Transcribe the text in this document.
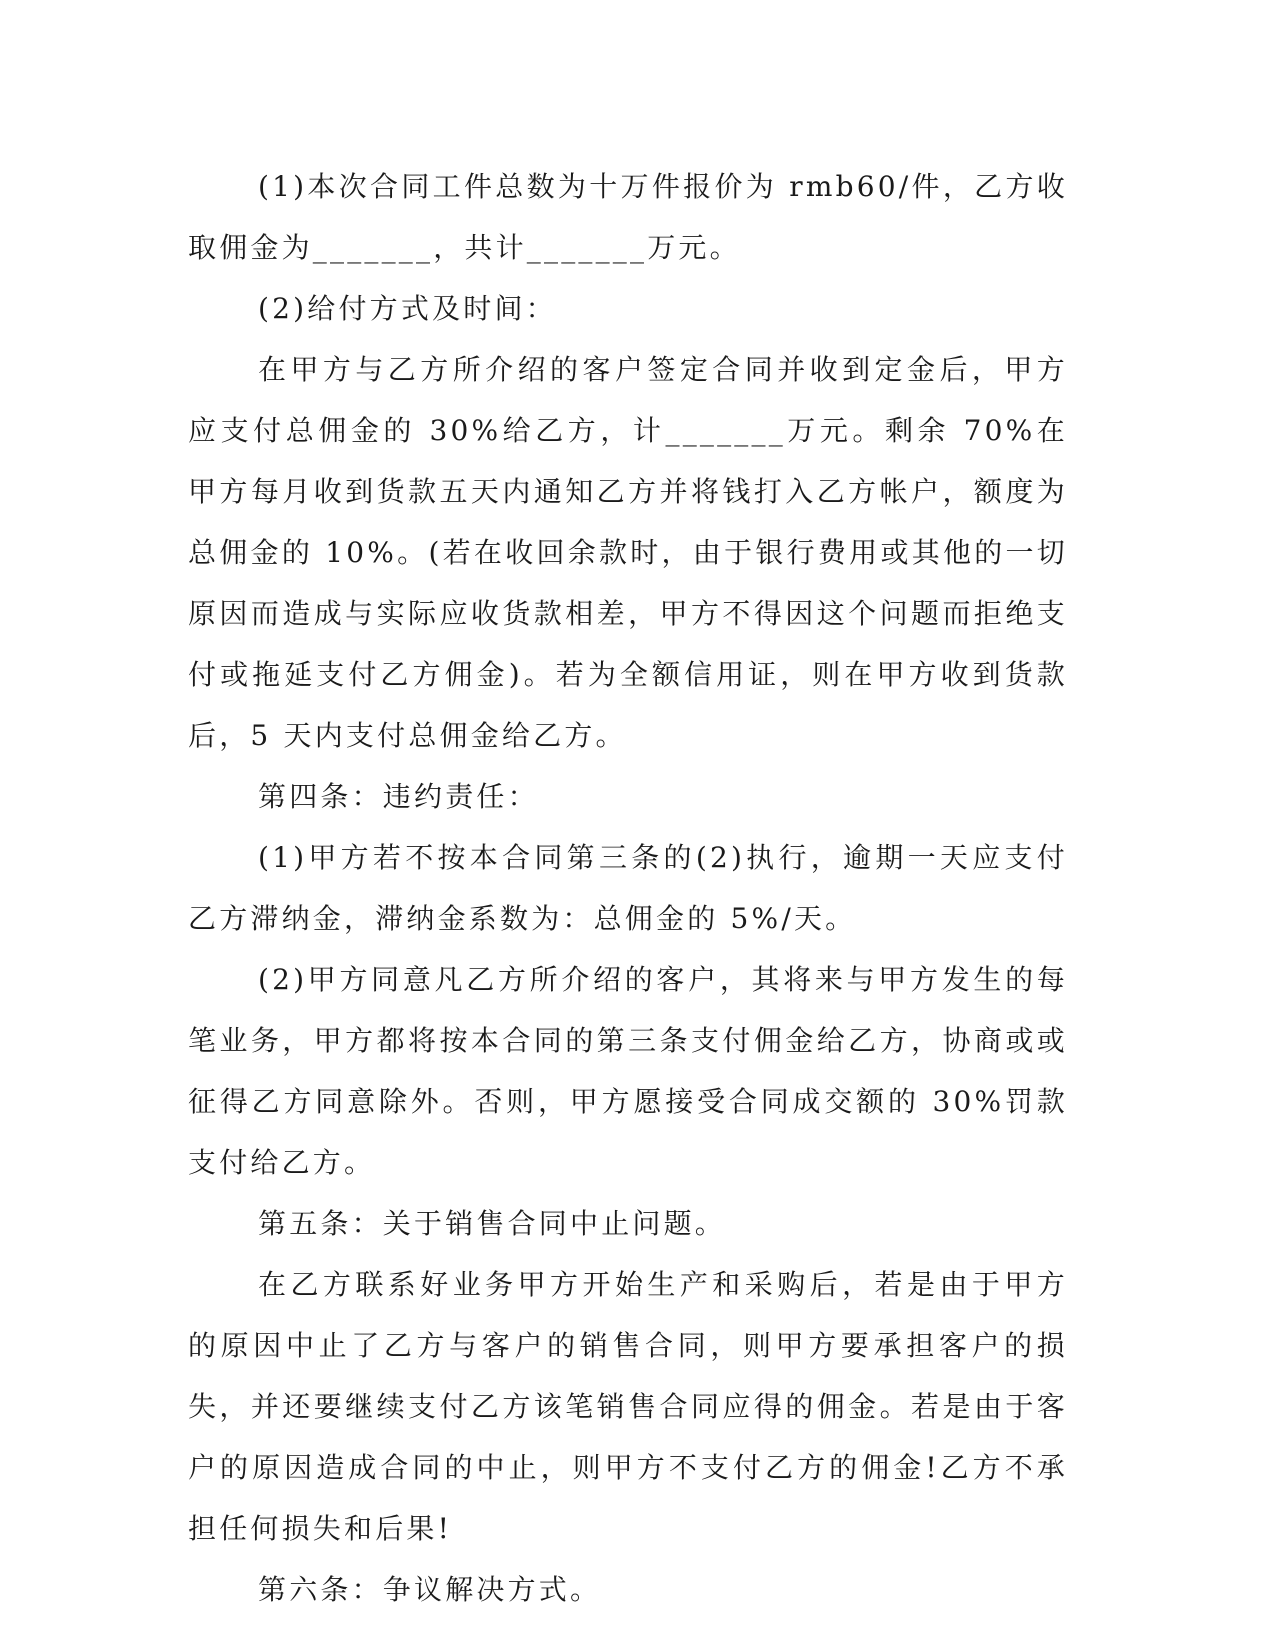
(1)本次合同工件总数为十万件报价为 rmb60/件，乙方收取佣金为_______，共计_______万元。

(2)给付方式及时间：

在甲方与乙方所介绍的客户签定合同并收到定金后，甲方应支付总佣金的 30%给乙方，计_______万元。剩余 70%在甲方每月收到货款五天内通知乙方并将钱打入乙方帐户，额度为总佣金的 10%。(若在收回余款时，由于银行费用或其他的一切原因而造成与实际应收货款相差，甲方不得因这个问题而拒绝支付或拖延支付乙方佣金)。若为全额信用证，则在甲方收到货款后，5 天内支付总佣金给乙方。

第四条：违约责任：

(1)甲方若不按本合同第三条的(2)执行，逾期一天应支付乙方滞纳金，滞纳金系数为：总佣金的 5%/天。

(2)甲方同意凡乙方所介绍的客户，其将来与甲方发生的每笔业务，甲方都将按本合同的第三条支付佣金给乙方，协商或或征得乙方同意除外。否则，甲方愿接受合同成交额的 30%罚款支付给乙方。

第五条：关于销售合同中止问题。

在乙方联系好业务甲方开始生产和采购后，若是由于甲方的原因中止了乙方与客户的销售合同，则甲方要承担客户的损失，并还要继续支付乙方该笔销售合同应得的佣金。若是由于客户的原因造成合同的中止，则甲方不支付乙方的佣金!乙方不承担任何损失和后果!

第六条：争议解决方式。
